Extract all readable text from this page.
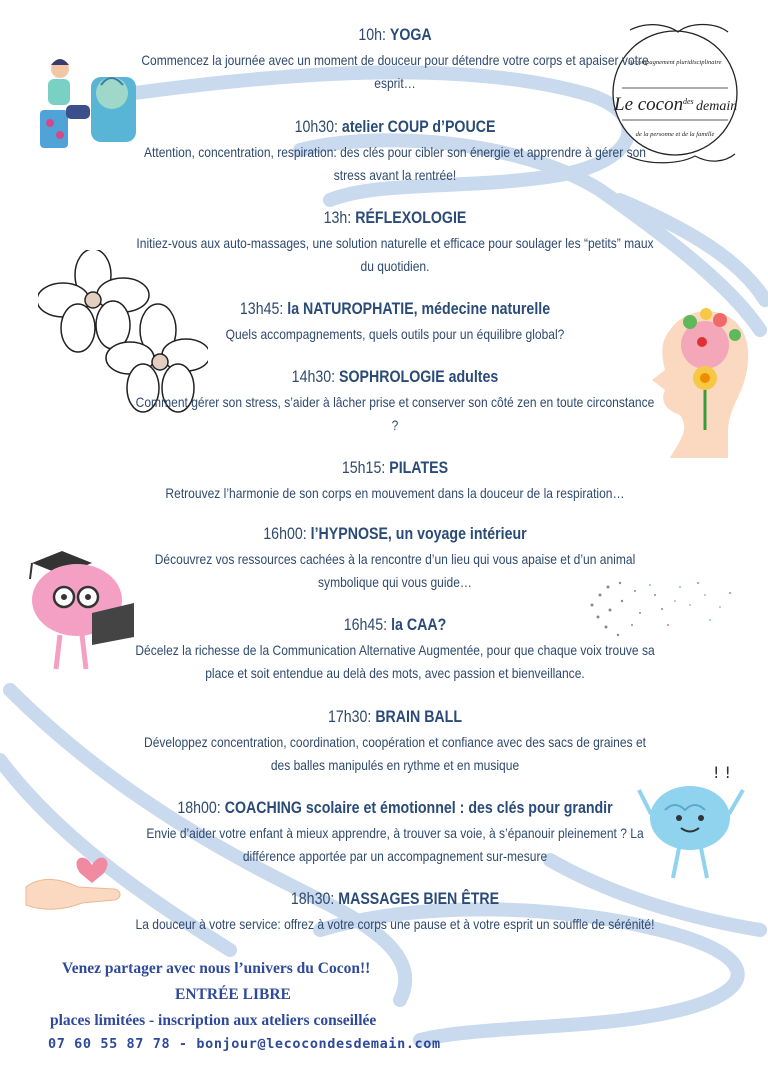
Accompagnement pluridisciplinaire
Le cocon des demain
de la personne et de la famille
! !
10h: YOGA
Commencez la journée avec un moment de douceur pour détendre votre corps et apaiser votre esprit…
10h30: atelier COUP d’POUCE
Attention, concentration, respiration: des clés pour cibler son énergie et apprendre à gérer son stress avant la rentrée!
13h: RÉFLEXOLOGIE
Initiez-vous aux auto-massages, une solution naturelle et efficace pour soulager les “petits” maux du quotidien.
13h45: la NATUROPHATIE, médecine naturelle
Quels accompagnements, quels outils pour un équilibre global?
14h30: SOPHROLOGIE adultes
Comment gérer son stress, s’aider à lâcher prise et conserver son côté zen en toute circonstance ?
15h15: PILATES
Retrouvez l’harmonie de son corps en mouvement dans la douceur de la respiration…
16h00: l’HYPNOSE, un voyage intérieur
Découvrez vos ressources cachées à la rencontre d’un lieu qui vous apaise et d’un animal symbolique qui vous guide…
16h45: la CAA?
Décelez la richesse de la Communication Alternative Augmentée, pour que chaque voix trouve sa place et soit entendue au delà des mots, avec passion et bienveillance.
17h30: BRAIN BALL
Développez concentration, coordination, coopération et confiance avec des sacs de graines et des balles manipulés en rythme et en musique
18h00: COACHING scolaire et émotionnel : des clés pour grandir
Envie d’aider votre enfant à mieux apprendre, à trouver sa voie, à s’épanouir pleinement ? La différence apportée par un accompagnement sur-mesure
18h30: MASSAGES BIEN ÊTRE
La douceur à votre service: offrez à votre corps une pause et à votre esprit un souffle de sérénité!
Venez partager avec nous l’univers du Cocon!!
ENTRÉE LIBRE
places limitées - inscription aux ateliers conseillée
07 60 55 87 78 - bonjour@lecocondesdemain.com
